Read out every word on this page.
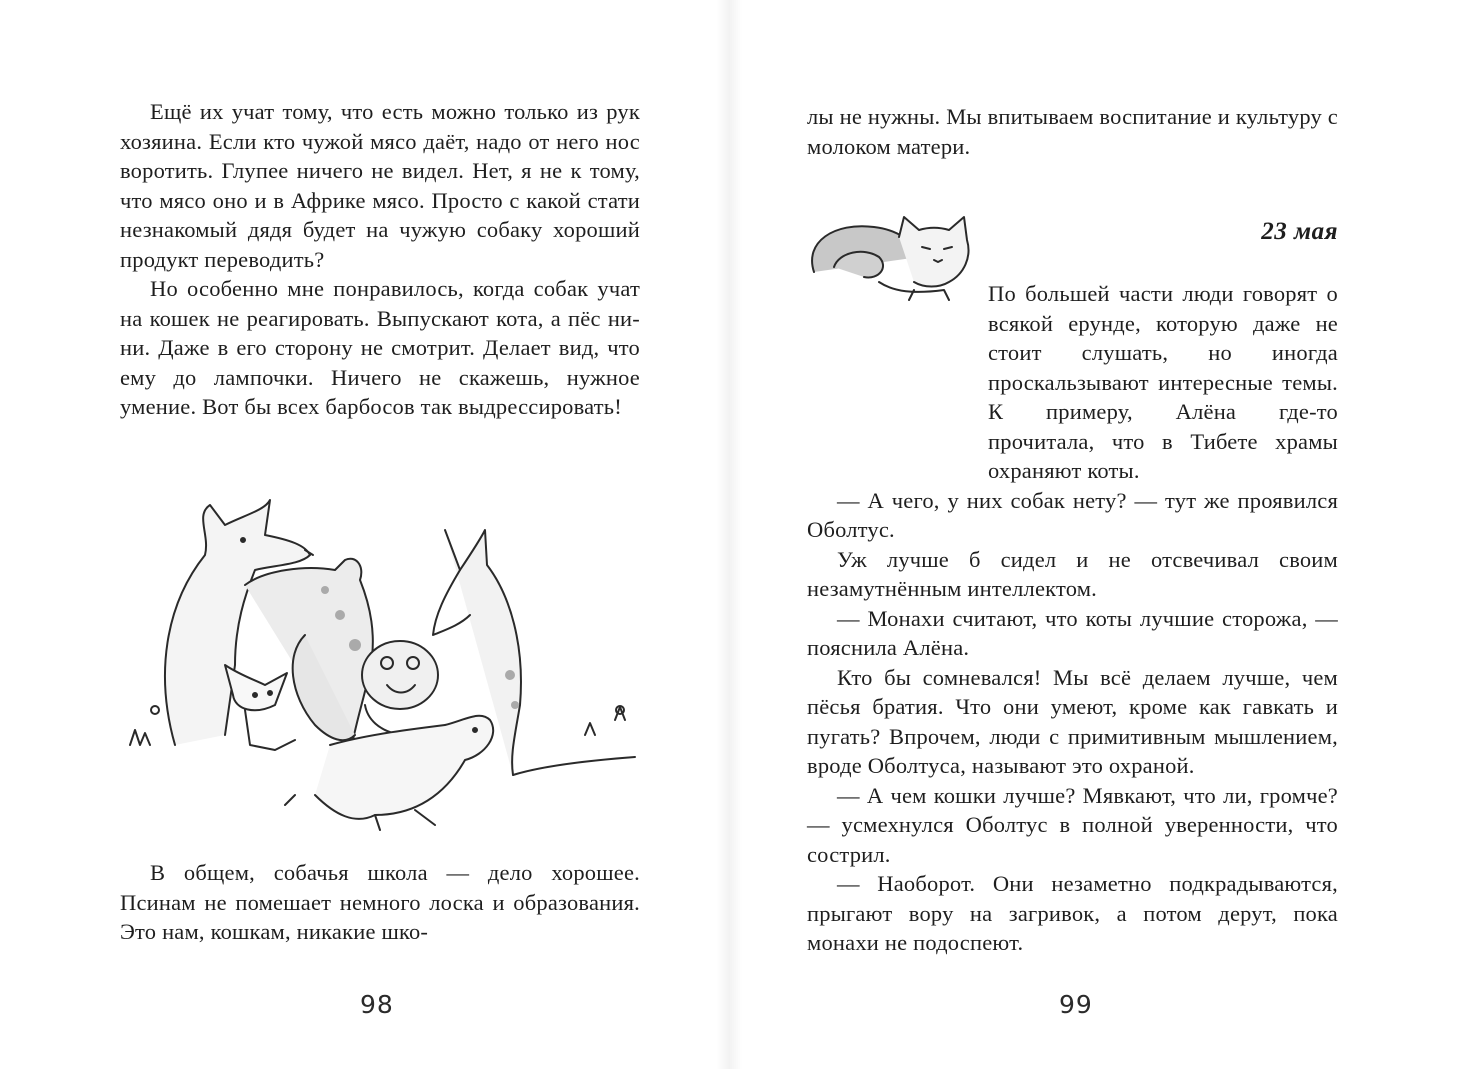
Ещё их учат тому, что есть можно только из рук хозяина. Если кто чужой мясо даёт, надо от него нос воротить. Глупее ничего не видел. Нет, я не к тому, что мясо оно и в Африке мясо. Просто с какой стати незнакомый дядя будет на чужую собаку хороший продукт переводить?

Но особенно мне понравилось, когда собак учат на кошек не реагировать. Выпускают кота, а пёс ни-ни. Даже в его сторону не смотрит. Делает вид, что ему до лампочки. Ничего не скажешь, нужное умение. Вот бы всех барбосов так выдрессировать!

В общем, собачья школа — дело хорошее. Псинам не помешает немного лоска и образования. Это нам, кошкам, никакие шко-

98

лы не нужны. Мы впитываем воспитание и культуру с молоком матери.

23 мая

По большей части люди говорят о всякой ерунде, которую даже не стоит слушать, но иногда проскальзывают интересные темы. К примеру, Алёна где-то прочитала, что в Тибете храмы охраняют коты.

— А чего, у них собак нету? — тут же проявился Оболтус.

Уж лучше б сидел и не отсвечивал своим незамутнённым интеллектом.

— Монахи считают, что коты лучшие сторожа, — пояснила Алёна.

Кто бы сомневался! Мы всё делаем лучше, чем пёсья братия. Что они умеют, кроме как гавкать и пугать? Впрочем, люди с примитивным мышлением, вроде Оболтуса, называют это охраной.

— А чем кошки лучше? Мявкают, что ли, громче? — усмехнулся Оболтус в полной уверенности, что сострил.

— Наоборот. Они незаметно подкрадываются, прыгают вору на загривок, а потом дерут, пока монахи не подоспеют.

99
